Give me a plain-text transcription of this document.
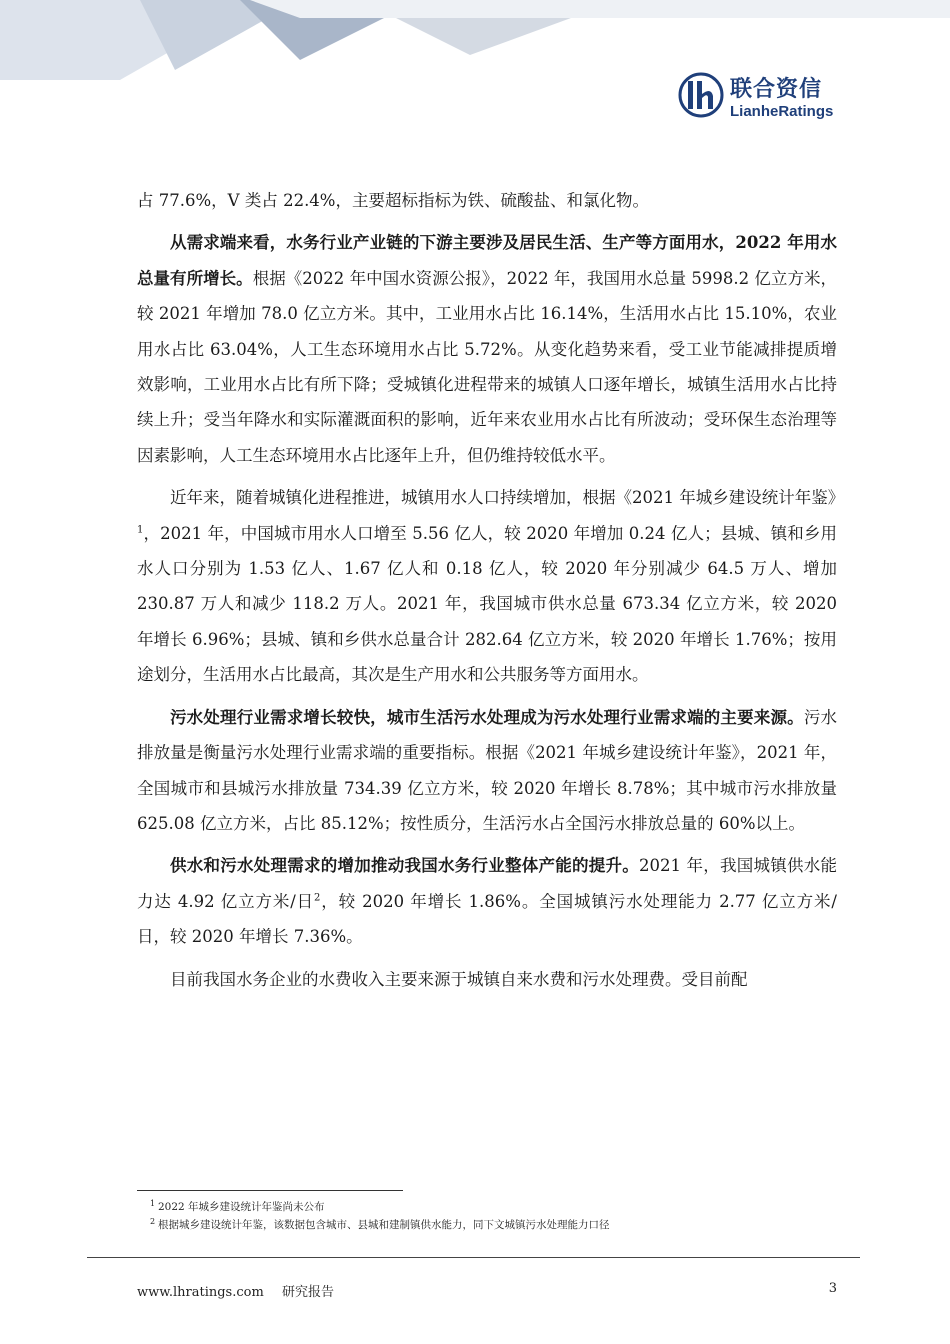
联合资信
LianheRatings

占 77.6%，V 类占 22.4%，主要超标指标为铁、硫酸盐、和氯化物。

从需求端来看，水务行业产业链的下游主要涉及居民生活、生产等方面用水，2022 年用水总量有所增长。根据《2022 年中国水资源公报》，2022 年，我国用水总量 5998.2 亿立方米，较 2021 年增加 78.0 亿立方米。其中，工业用水占比 16.14%，生活用水占比 15.10%，农业用水占比 63.04%，人工生态环境用水占比 5.72%。从变化趋势来看，受工业节能减排提质增效影响，工业用水占比有所下降；受城镇化进程带来的城镇人口逐年增长，城镇生活用水占比持续上升；受当年降水和实际灌溉面积的影响，近年来农业用水占比有所波动；受环保生态治理等因素影响，人工生态环境用水占比逐年上升，但仍维持较低水平。

近年来，随着城镇化进程推进，城镇用水人口持续增加，根据《2021 年城乡建设统计年鉴》$^1$，2021 年，中国城市用水人口增至 5.56 亿人，较 2020 年增加 0.24 亿人；县城、镇和乡用水人口分别为 1.53 亿人、1.67 亿人和 0.18 亿人，较 2020 年分别减少 64.5 万人、增加 230.87 万人和减少 118.2 万人。2021 年，我国城市供水总量 673.34 亿立方米，较 2020 年增长 6.96%；县城、镇和乡供水总量合计 282.64 亿立方米，较 2020 年增长 1.76%；按用途划分，生活用水占比最高，其次是生产用水和公共服务等方面用水。

污水处理行业需求增长较快，城市生活污水处理成为污水处理行业需求端的主要来源。污水排放量是衡量污水处理行业需求端的重要指标。根据《2021 年城乡建设统计年鉴》，2021 年，全国城市和县城污水排放量 734.39 亿立方米，较 2020 年增长 8.78%；其中城市污水排放量 625.08 亿立方米，占比 85.12%；按性质分，生活污水占全国污水排放总量的 60%以上。

供水和污水处理需求的增加推动我国水务行业整体产能的提升。2021 年，我国城镇供水能力达 4.92 亿立方米/日$^2$，较 2020 年增长 1.86%。全国城镇污水处理能力 2.77 亿立方米/日，较 2020 年增长 7.36%。

目前我国水务企业的水费收入主要来源于城镇自来水费和污水处理费。受目前配

1 2022 年城乡建设统计年鉴尚未公布
2 根据城乡建设统计年鉴，该数据包含城市、县城和建制镇供水能力，同下文城镇污水处理能力口径
www.lhratings.com 研究报告	3
